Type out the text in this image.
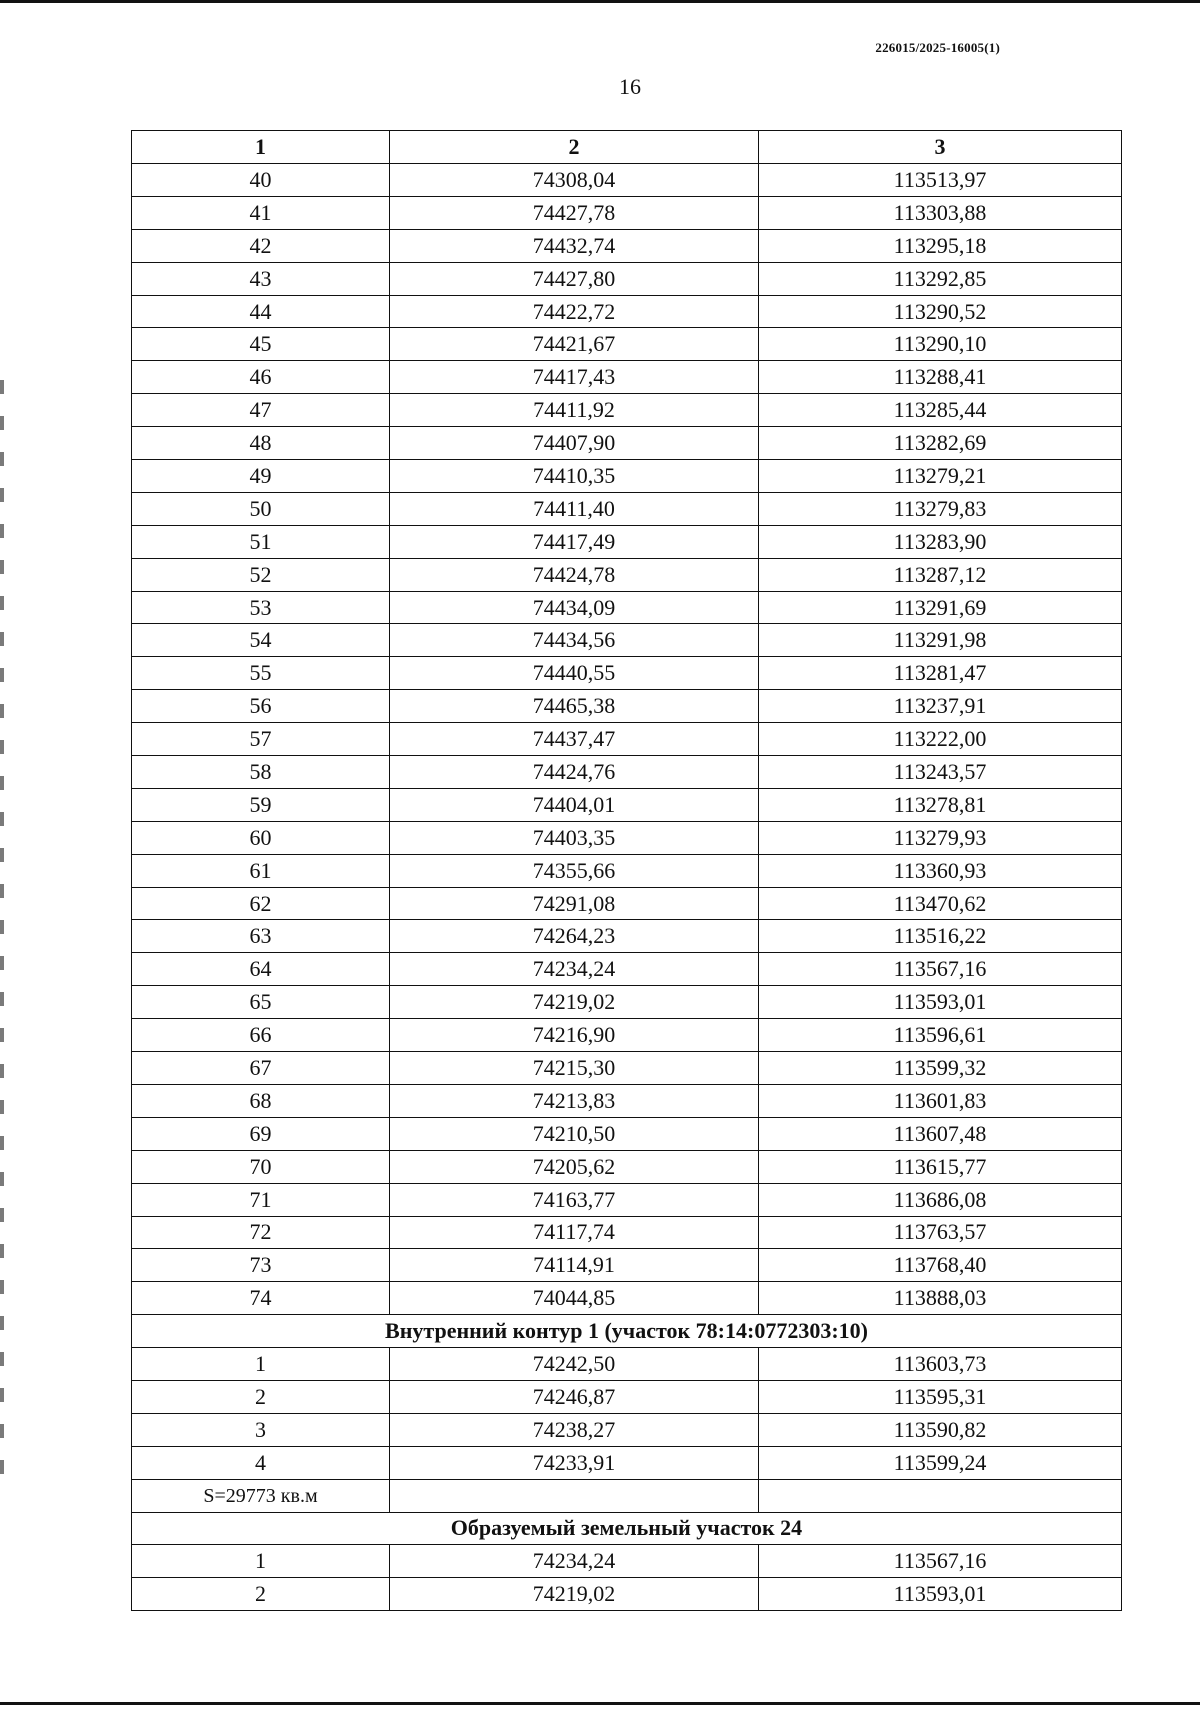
226015/2025-16005(1)
16
1	2	3
40	74308,04	113513,97
41	74427,78	113303,88
42	74432,74	113295,18
43	74427,80	113292,85
44	74422,72	113290,52
45	74421,67	113290,10
46	74417,43	113288,41
47	74411,92	113285,44
48	74407,90	113282,69
49	74410,35	113279,21
50	74411,40	113279,83
51	74417,49	113283,90
52	74424,78	113287,12
53	74434,09	113291,69
54	74434,56	113291,98
55	74440,55	113281,47
56	74465,38	113237,91
57	74437,47	113222,00
58	74424,76	113243,57
59	74404,01	113278,81
60	74403,35	113279,93
61	74355,66	113360,93
62	74291,08	113470,62
63	74264,23	113516,22
64	74234,24	113567,16
65	74219,02	113593,01
66	74216,90	113596,61
67	74215,30	113599,32
68	74213,83	113601,83
69	74210,50	113607,48
70	74205,62	113615,77
71	74163,77	113686,08
72	74117,74	113763,57
73	74114,91	113768,40
74	74044,85	113888,03
Внутренний контур 1 (участок 78:14:0772303:10)		
1	74242,50	113603,73
2	74246,87	113595,31
3	74238,27	113590,82
4	74233,91	113599,24
S=29773 кв.м		
Образуемый земельный участок 24		
1	74234,24	113567,16
2	74219,02	113593,01
